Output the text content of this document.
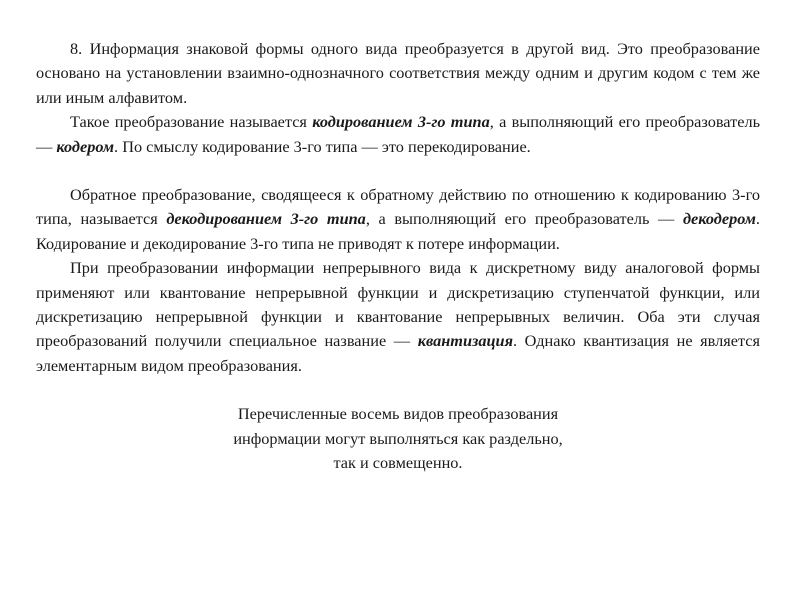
8. Информация знаковой формы одного вида преобразуется в другой вид. Это преобразование основано на установлении взаимно-однозначного соответствия между одним и другим кодом с тем же или иным алфавитом.

Такое преобразование называется кодированием 3-го типа, а выполняющий его преобразователь — кодером. По смыслу кодирование 3-го типа — это перекодирование.

Обратное преобразование, сводящееся к обратному действию по отношению к кодированию 3-го типа, называется декодированием 3-го типа, а выполняющий его преобразователь — декодером. Кодирование и декодирование 3-го типа не приводят к потере информации.

При преобразовании информации непрерывного вида к дискретному виду аналоговой формы применяют или квантование непрерывной функции и дискретизацию ступенчатой функции, или дискретизацию непрерывной функции и квантование непрерывных величин. Оба эти случая преобразований получили специальное название — квантизация. Однако квантизация не является элементарным видом преобразования.

Перечисленные восемь видов преобразования
информации могут выполняться как раздельно,
так и совмещенно.
